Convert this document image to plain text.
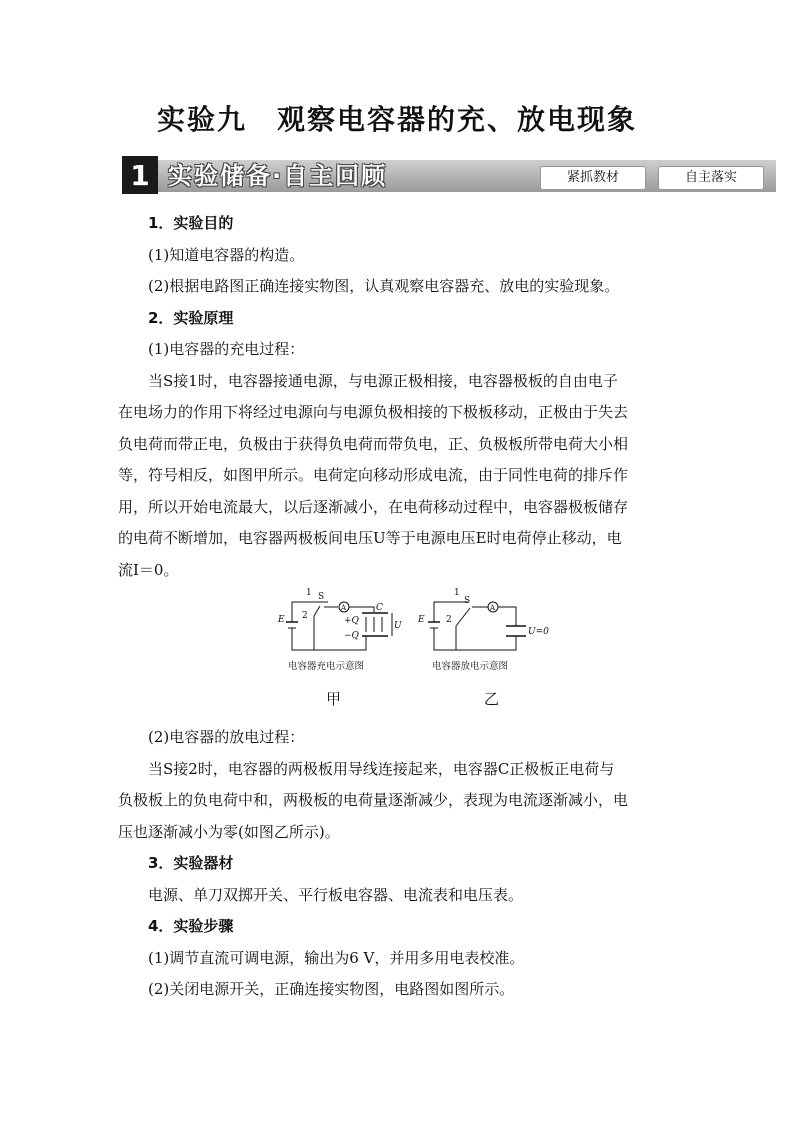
实验九　观察电容器的充、放电现象
1 实验储备·自主回顾	紧抓教材	自主落实
1．实验目的
(1)知道电容器的构造。
(2)根据电路图正确连接实物图，认真观察电容器充、放电的实验现象。
2．实验原理
(1)电容器的充电过程：
当S接1时，电容器接通电源，与电源正极相接，电容器极板的自由电子
在电场力的作用下将经过电源向与电源负极相接的下极板移动，正极由于失去
负电荷而带正电，负极由于获得负电荷而带负电，正、负极板所带电荷大小相
等，符号相反，如图甲所示。电荷定向移动形成电流，由于同性电荷的排斥作
用，所以开始电流最大，以后逐渐减小，在电荷移动过程中，电容器极板储存
的电荷不断增加，电容器两极板间电压U等于电源电压E时电荷停止移动，电
流I＝0。
E
S
1
2
A	C
+Q
−Q
U
E
S
1
2
A
U=0
电容器充电示意图	电容器放电示意图
甲	乙
(2)电容器的放电过程：
当S接2时，电容器的两极板用导线连接起来，电容器C正极板正电荷与
负极板上的负电荷中和，两极板的电荷量逐渐减少，表现为电流逐渐减小，电
压也逐渐减小为零(如图乙所示)。
3．实验器材
电源、单刀双掷开关、平行板电容器、电流表和电压表。
4．实验步骤
(1)调节直流可调电源，输出为6 V，并用多用电表校准。
(2)关闭电源开关，正确连接实物图，电路图如图所示。
